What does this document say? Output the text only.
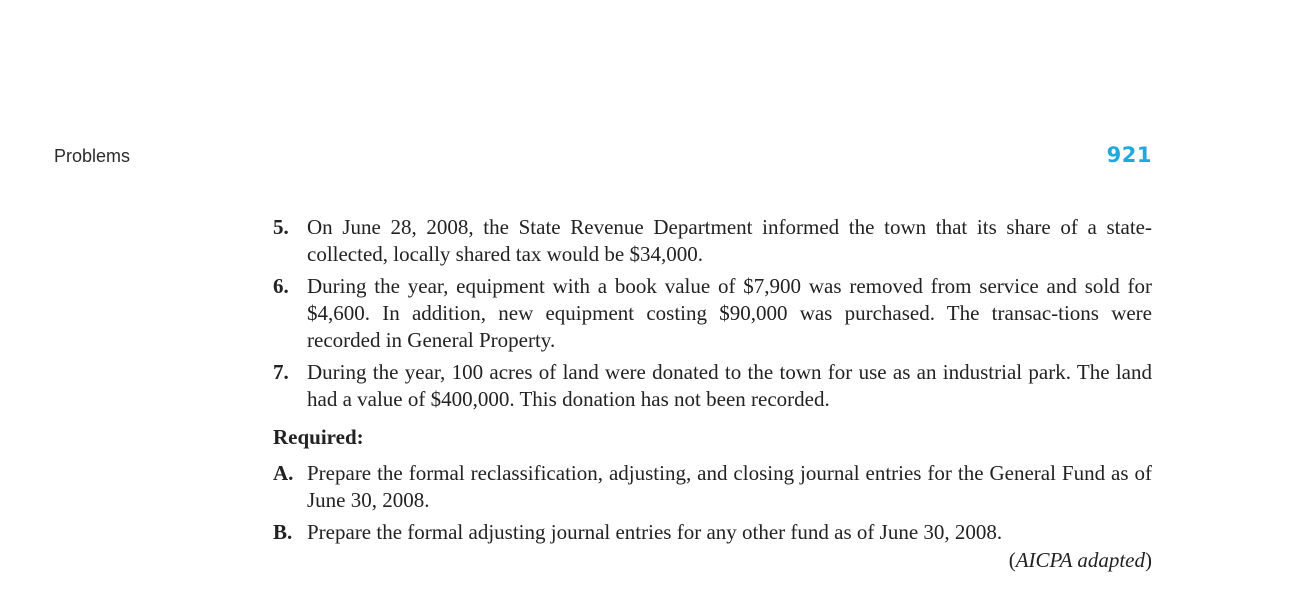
Problems	921
5. On June 28, 2008, the State Revenue Department informed the town that its share of a state-collected, locally shared tax would be $34,000.
6. During the year, equipment with a book value of $7,900 was removed from service and sold for $4,600. In addition, new equipment costing $90,000 was purchased. The transac-tions were recorded in General Property.
7. During the year, 100 acres of land were donated to the town for use as an industrial park. The land had a value of $400,000. This donation has not been recorded.
Required:
A. Prepare the formal reclassification, adjusting, and closing journal entries for the General Fund as of June 30, 2008.
B. Prepare the formal adjusting journal entries for any other fund as of June 30, 2008.
(AICPA adapted)
